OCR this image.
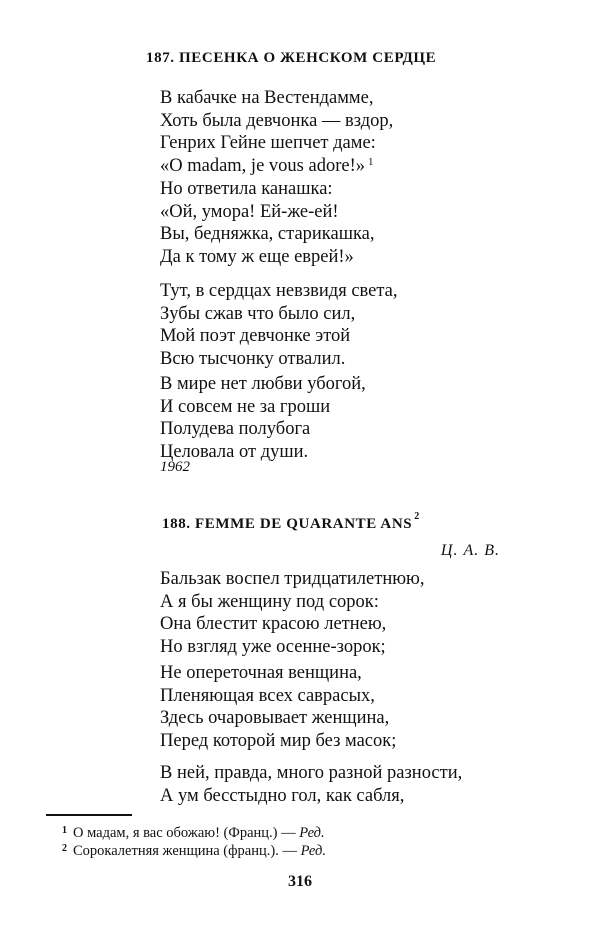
187. ПЕСЕНКА О ЖЕНСКОМ СЕРДЦЕ
В кабачке на Вестендамме,
Хоть была девчонка — вздор,
Генрих Гейне шепчет даме:
«O madam, je vous adore!» $^1$
Но ответила канашка:
«Ой, умора! Ей-же-ей!
Вы, бедняжка, старикашка,
Да к тому ж еще еврей!»
Тут, в сердцах невзвидя света,
Зубы сжав что было сил,
Мой поэт девчонке этой
Всю тысчонку отвалил.
В мире нет любви убогой,
И совсем не за гроши
Полудева полубога
Целовала от души.
1962
188. FEMME DE QUARANTE ANS $^2$
Ц. А. В.
Бальзак воспел тридцатилетнюю,
А я бы женщину под сорок:
Она блестит красою летнею,
Но взгляд уже осенне-зорок;
Не опереточная венщина,
Пленяющая всех саврасых,
Здесь очаровывает женщина,
Перед которой мир без масок;
В ней, правда, много разной разности,
А ум бесстыдно гол, как сабля,
$^1$ О мадам, я вас обожаю! (Франц.) — Ред.
$^2$ Сорокалетняя женщина (франц.). — Ред.
316
